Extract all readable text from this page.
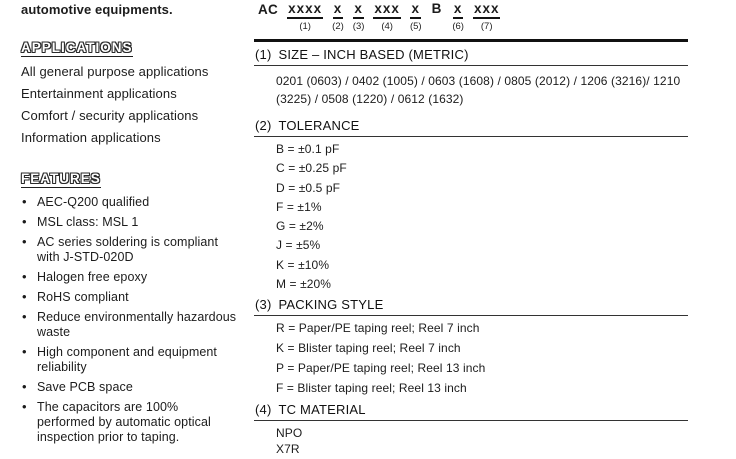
automotive equipments.
APPLICATIONS
All general purpose applications
Entertainment applications
Comfort / security applications
Information applications
FEATURES
• AEC-Q200 qualified
• MSL class: MSL 1
• AC series soldering is compliant with J-STD-020D
• Halogen free epoxy
• RoHS compliant
• Reduce environmentally hazardous waste
• High component and equipment reliability
• Save PCB space
• The capacitors are 100% performed by automatic optical inspection prior to taping.
AC xxxx
(1)
x
(2)
x
(3)
xxx
(4)
x
(5)
B x
(6)
xxx
(7)
(1) SIZE – INCH BASED (METRIC)
0201 (0603) / 0402 (1005) / 0603 (1608) / 0805 (2012) / 1206 (3216)/ 1210 (3225) / 0508 (1220) / 0612 (1632)
(2) TOLERANCE
B = ±0.1 pF
C = ±0.25 pF
D = ±0.5 pF
F = ±1%
G = ±2%
J = ±5%
K = ±10%
M = ±20%
(3) PACKING STYLE
R = Paper/PE taping reel; Reel 7 inch
K = Blister taping reel; Reel 7 inch
P = Paper/PE taping reel; Reel 13 inch
F = Blister taping reel; Reel 13 inch
(4) TC MATERIAL
NPO
X7R
